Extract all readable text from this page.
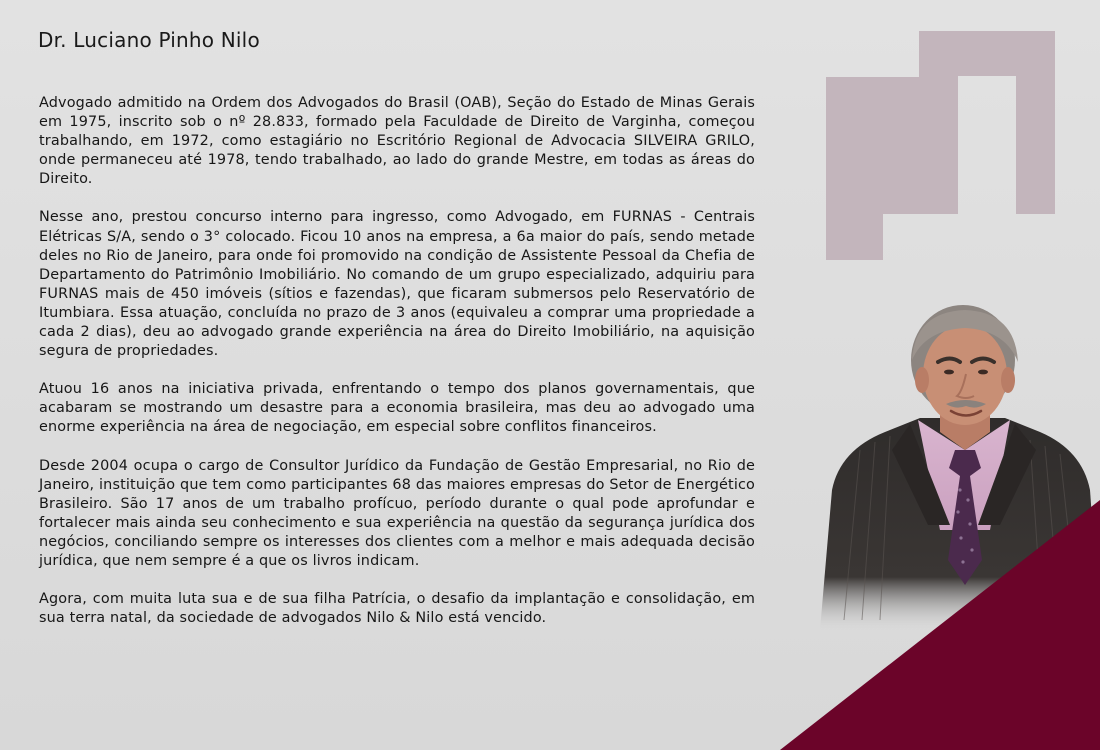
Dr. Luciano Pinho Nilo

Advogado admitido na Ordem dos Advogados do Brasil (OAB), Seção do Estado de Minas Gerais em 1975, inscrito sob o nº 28.833, formado pela Faculdade de Direito de Varginha, começou trabalhando, em 1972, como estagiário no Escritório Regional de Advocacia SILVEIRA GRILO, onde permaneceu até 1978, tendo trabalhado, ao lado do grande Mestre, em todas as áreas do Direito.

Nesse ano, prestou concurso interno para ingresso, como Advogado, em FURNAS - Centrais Elétricas S/A, sendo o 3° colocado. Ficou 10 anos na empresa, a 6a maior do país, sendo metade deles no Rio de Janeiro, para onde foi promovido na condição de Assistente Pessoal da Chefia de Departamento do Patrimônio Imobiliário. No comando de um grupo especializado, adquiriu para FURNAS mais de 450 imóveis (sítios e fazendas), que ficaram submersos pelo Reservatório de Itumbiara. Essa atuação, concluída no prazo de 3 anos (equivaleu a comprar uma propriedade a cada 2 dias), deu ao advogado grande experiência na área do Direito Imobiliário, na aquisição segura de propriedades.

Atuou 16 anos na iniciativa privada, enfrentando o tempo dos planos governamentais, que acabaram se mostrando um desastre para a economia brasileira, mas deu ao advogado uma enorme experiência na área de negociação, em especial sobre conflitos financeiros.

Desde 2004 ocupa o cargo de Consultor Jurídico da Fundação de Gestão Empresarial, no Rio de Janeiro, instituição que tem como participantes 68 das maiores empresas do Setor de Energético Brasileiro. São 17 anos de um trabalho profícuo, período durante o qual pode aprofundar e fortalecer mais ainda seu conhecimento e sua experiência na questão da segurança jurídica dos negócios, conciliando sempre os interesses dos clientes com a melhor e mais adequada decisão jurídica, que nem sempre é a que os livros indicam.

Agora, com muita luta sua e de sua filha Patrícia, o desafio da implantação e consolidação, em sua terra natal, da sociedade de advogados Nilo & Nilo está vencido.
